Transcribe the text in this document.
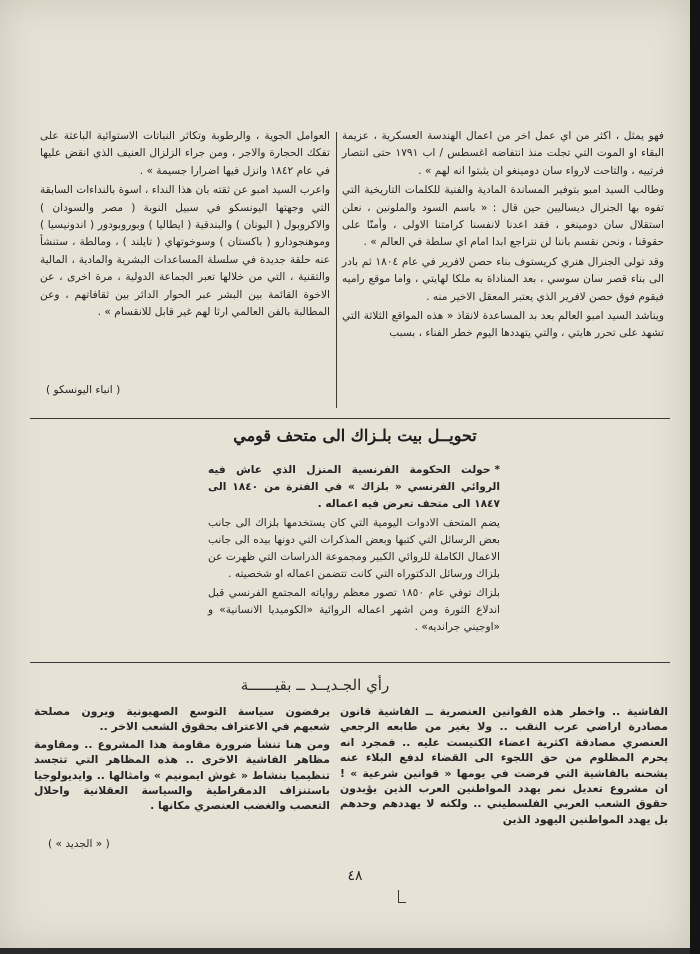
فهو يمثل ، اكثر من اي عمل اخر من اعمال الهندسة العسكرية ، عزيمة البقاء او الموت التي تجلت منذ انتفاضه اغسطس / اب ١٧٩١ حتى انتصار فرتييه ، والتاحت لارواء سان دومينغو ان يثبتوا انه لهم » .

وطالب السيد امبو بتوفير المساندة المادية والفنية للكلمات التاريخية التي تفوه بها الجنرال ديساليين حين قال : « باسم السود والملونين ، نعلن استقلال سان دومينغو ، فقد اعدنا لانفسنا كرامتنا الاولى ، وأمنّا على حقوقنا ، ونحن نقسم باننا لن نتراجع ابدا امام اي سلطة في العالم » .

وقد تولى الجنرال هنري كريستوف بناء حصن لافرير في عام ١٨٠٤ ثم بادر الى بناء قصر سان سوسي ، بعد المناداة به ملكا لهايتي ، واما موقع راميه فيقوم فوق حصن لافرير الذي يعتبر المعقل الاخير منه .

ويناشد السيد امبو العالم بعد بد المساعدة لانقاذ « هذه المواقع الثلاثة التي تشهد على تحرر هايتي ، والتي يتهددها اليوم خطر الفناء ، بسبب

العوامل الجوية ، والرطوبة وتكاثر النباتات الاستوائية الباعثة على تفكك الحجارة والاجر ، ومن جراء الزلزال العنيف الذي انقض عليها في عام ١٨٤٢ وانزل فيها اضرارا جسيمة » .

واعرب السيد امبو عن ثقته بان هذا النداء ، اسوة بالنداءات السابقة التي وجهتها اليونسكو في سبيل النوبة ( مصر والسودان ) والاكروبول ( اليونان ) والبندقية ( ايطاليا ) وبوروبودور ( اندونيسيا ) وموهنجودارو ( باكستان ) وسوخوتهاي ( تايلند ) ، ومالطة ، ستنشأ عنه حلقة جديدة في سلسلة المساعدات البشرية والمادية ، المالية والتقنية ، التي من خلالها تعبر الجماعة الدولية ، مرة اخرى ، عن الاخوة القائمة بين البشر عبر الحوار الدائر بين ثقافاتهم ، وعن المطالبة بالفن العالمي ارثا لهم غير قابل للانقسام » .

( انباء اليونسكو )
تحويــل بيت بلـزاك الى متحف قومي

*حولت الحكومة الفرنسية المنزل الذي عاش فيه الروائي الفرنسي « بلزاك » في الفترة من ١٨٤٠ الى ١٨٤٧ الى متحف تعرض فيه اعماله .

يضم المتحف الادوات اليومية التي كان يستخدمها بلزاك الى جانب بعض الرسائل التي كتبها وبعض المذكرات التي دونها بيده الى جانب الاعمال الكاملة للروائي الكبير ومجموعة الدراسات التي ظهرت عن بلزاك ورسائل الدكتوراه التي كانت تتضمن اعماله او شخصيته .

بلزاك توفي عام ١٨٥٠ تصور معظم رواياته المجتمع الفرنسي قبل اندلاع الثورة ومن اشهر اعماله الروائية «الكوميديا الانسانية» و «اوجيني جرانديه» .

رأي الجـديــد ــ بقيــــــة

الفاشية .. واخطر هذه القوانين العنصرية ــ الفاشية قانون مصادرة اراضي عرب النقب .. ولا يغير من طابعه الرجعي العنصري مصادقة اكثرية اعضاء الكنيست عليه .. فمجرد انه يحرم المظلوم من حق اللجوء الى القضاء لدفع البلاء عنه يشحنه بالفاشية التي فرضت في يومها « قوانين شرعية » ! ان مشروع تعديل نمر يهدد المواطنين العرب الذين يؤيدون حقوق الشعب العربي الفلسطيني .. ولكنه لا يهددهم وحدهم بل يهدد المواطنين اليهود الذين

يرفضون سياسة التوسع الصهيونية ويرون مصلحة شعبهم في الاعتراف بحقوق الشعب الاخر ..

ومن هنا تنشأ ضرورة مقاومة هذا المشروع .. ومقاومة مظاهر الفاشية الاخرى .. هذه المظاهر التي تتجسد تنظيميا بنشاط « غوش ايمونيم » وامثالها .. وايديولوجيا باستنزاف الدمقراطية والسياسة العقلانية واحلال التعصب والغضب العنصري مكانها .

( « الجديد » )
٤٨
